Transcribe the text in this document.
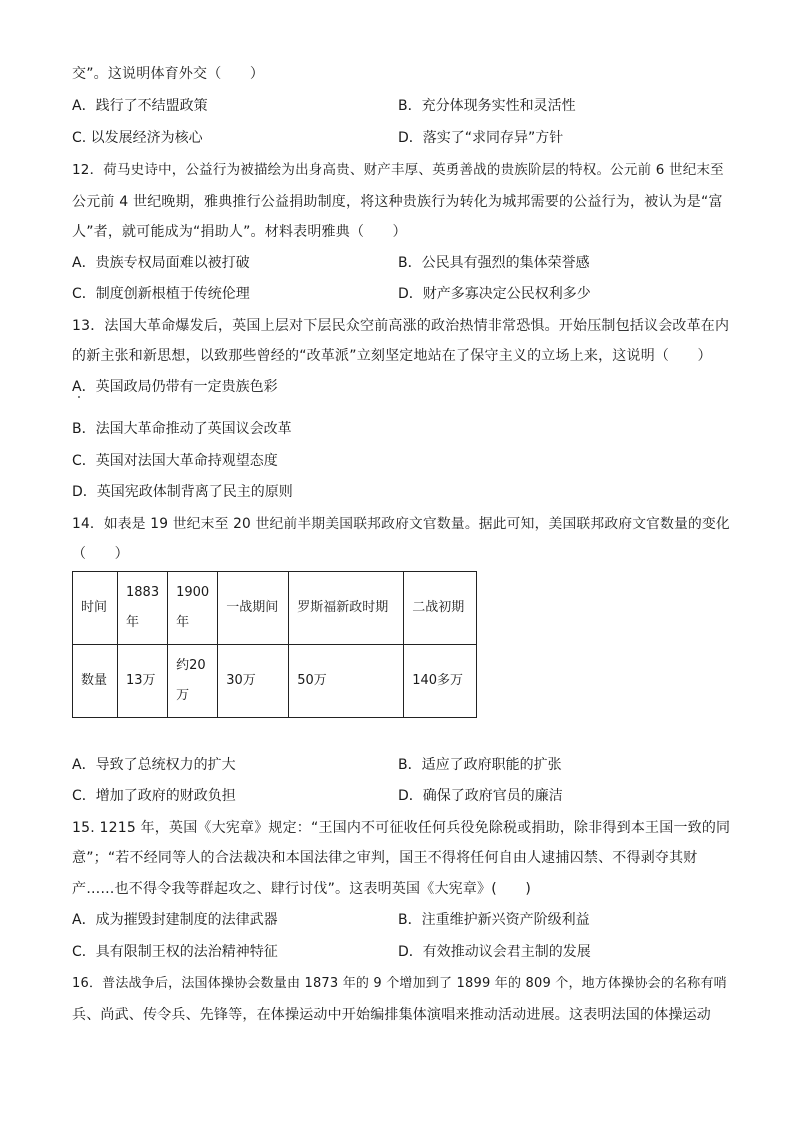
交”。这说明体育外交（　　）
A．践行了不结盟政策	B．充分体现务实性和灵活性
C. 以发展经济为核心	D．落实了“求同存异”方针
12．荷马史诗中，公益行为被描绘为出身高贵、财产丰厚、英勇善战的贵族阶层的特权。公元前 6 世纪末至
公元前 4 世纪晚期，雅典推行公益捐助制度，将这种贵族行为转化为城邦需要的公益行为，被认为是“富
人”者，就可能成为“捐助人”。材料表明雅典（　　）
A．贵族专权局面难以被打破	B．公民具有强烈的集体荣誉感
C．制度创新根植于传统伦理	D．财产多寡决定公民权利多少
13．法国大革命爆发后，英国上层对下层民众空前高涨的政治热情非常恐惧。开始压制包括议会改革在内
的新主张和新思想，以致那些曾经的“改革派”立刻坚定地站在了保守主义的立场上来，这说明（　　）
A．英国政局仍带有一定贵族色彩
B．法国大革命推动了英国议会改革
C．英国对法国大革命持观望态度
D．英国宪政体制背离了民主的原则
14．如表是 19 世纪末至 20 世纪前半期美国联邦政府文官数量。据此可知，美国联邦政府文官数量的变化
（　　）
时间	1883年	1900年	一战期间	罗斯福新政时期	二战初期
数量	13万	约20万	30万	50万	140多万
A．导致了总统权力的扩大	B．适应了政府职能的扩张
C．增加了政府的财政负担	D．确保了政府官员的廉洁
15. 1215 年，英国《大宪章》规定：“王国内不可征收任何兵役免除税或捐助，除非得到本王国一致的同
意”；“若不经同等人的合法裁决和本国法律之审判，国王不得将任何自由人逮捕囚禁、不得剥夺其财
产……也不得令我等群起攻之、肆行讨伐”。这表明英国《大宪章》(　　)
A．成为摧毁封建制度的法律武器	B．注重维护新兴资产阶级利益
C．具有限制王权的法治精神特征	D．有效推动议会君主制的发展
16．普法战争后，法国体操协会数量由 1873 年的 9 个增加到了 1899 年的 809 个，地方体操协会的名称有哨
兵、尚武、传令兵、先锋等，在体操运动中开始编排集体演唱来推动活动进展。这表明法国的体操运动
